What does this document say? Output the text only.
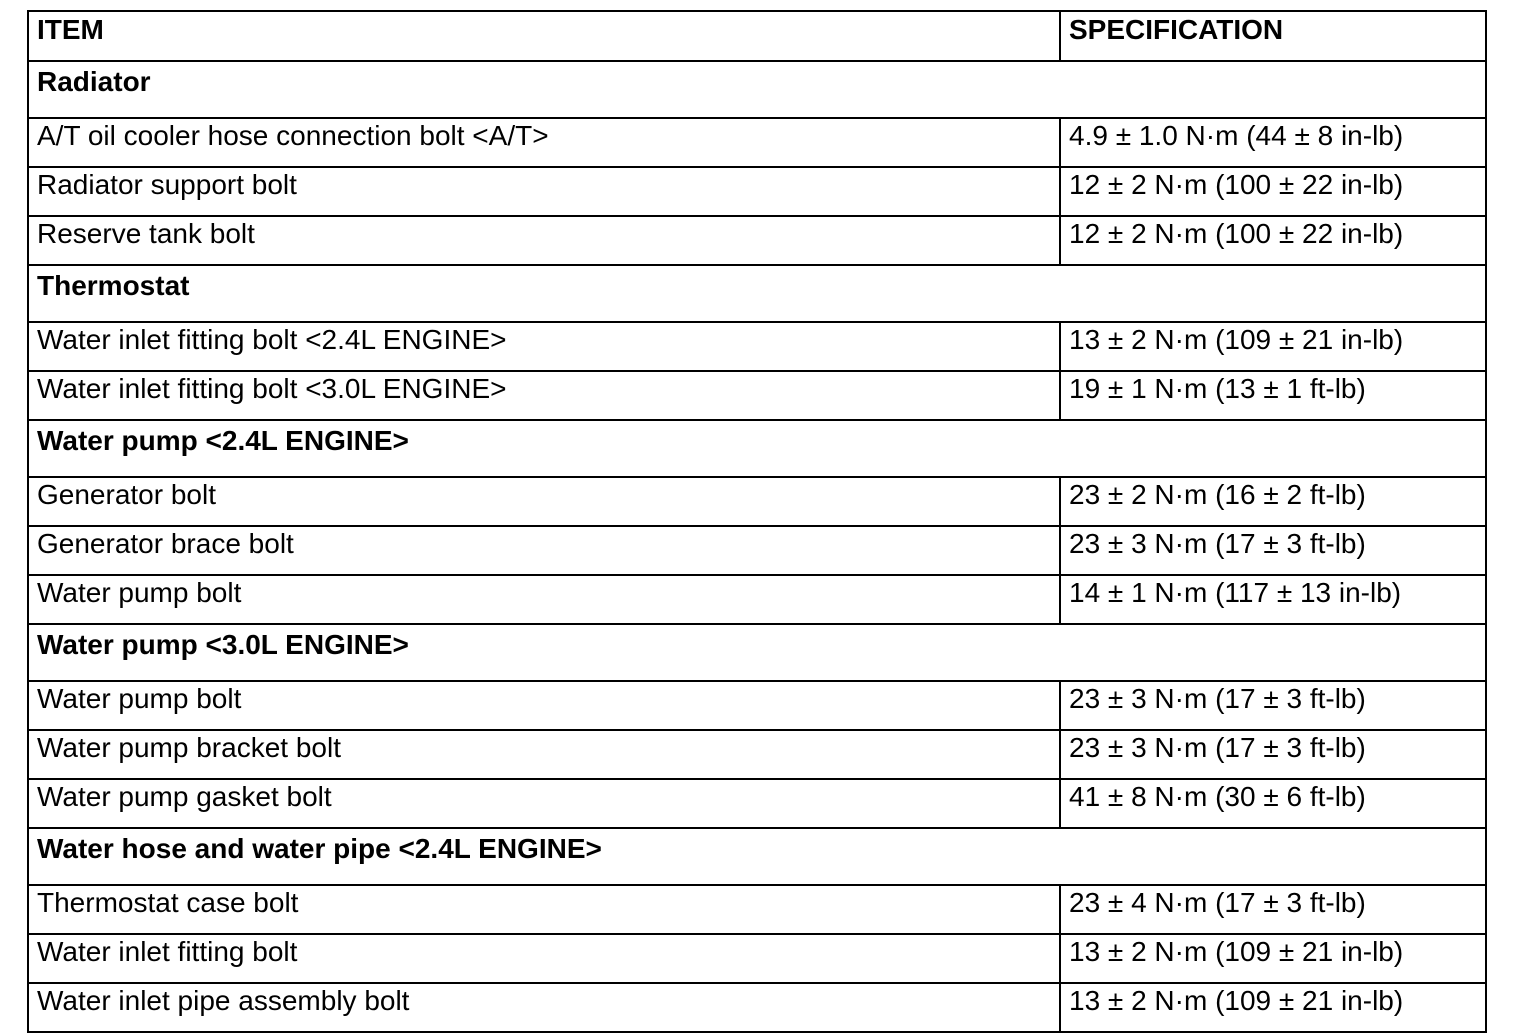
ITEM	SPECIFICATION
Radiator	
A/T oil cooler hose connection bolt <A/T>	4.9 ± 1.0 N·m (44 ± 8 in-lb)
Radiator support bolt	12 ± 2 N·m (100 ± 22 in-lb)
Reserve tank bolt	12 ± 2 N·m (100 ± 22 in-lb)
Thermostat	
Water inlet fitting bolt <2.4L ENGINE>	13 ± 2 N·m (109 ± 21 in-lb)
Water inlet fitting bolt <3.0L ENGINE>	19 ± 1 N·m (13 ± 1 ft-lb)
Water pump <2.4L ENGINE>	
Generator bolt	23 ± 2 N·m (16 ± 2 ft-lb)
Generator brace bolt	23 ± 3 N·m (17 ± 3 ft-lb)
Water pump bolt	14 ± 1 N·m (117 ± 13 in-lb)
Water pump <3.0L ENGINE>	
Water pump bolt	23 ± 3 N·m (17 ± 3 ft-lb)
Water pump bracket bolt	23 ± 3 N·m (17 ± 3 ft-lb)
Water pump gasket bolt	41 ± 8 N·m (30 ± 6 ft-lb)
Water hose and water pipe <2.4L ENGINE>	
Thermostat case bolt	23 ± 4 N·m (17 ± 3 ft-lb)
Water inlet fitting bolt	13 ± 2 N·m (109 ± 21 in-lb)
Water inlet pipe assembly bolt	13 ± 2 N·m (109 ± 21 in-lb)
